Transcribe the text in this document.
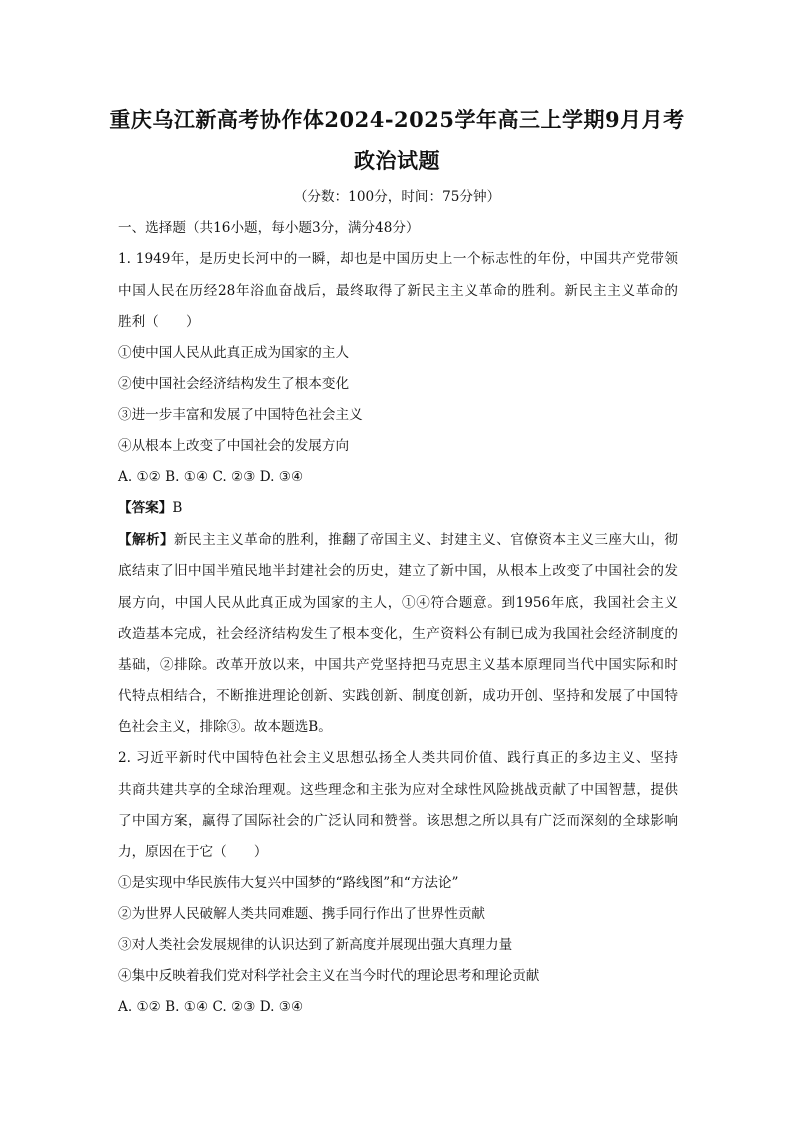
重庆乌江新高考协作体2024-2025学年高三上学期9月月考
政治试题
（分数：100分，时间：75分钟）
一、选择题（共16小题，每小题3分，满分48分）
1. 1949年，是历史长河中的一瞬，却也是中国历史上一个标志性的年份，中国共产党带领
中国人民在历经28年浴血奋战后，最终取得了新民主主义革命的胜利。新民主主义革命的
胜利（　　）
①使中国人民从此真正成为国家的主人
②使中国社会经济结构发生了根本变化
③进一步丰富和发展了中国特色社会主义
④从根本上改变了中国社会的发展方向
A. ①② B. ①④ C. ②③ D. ③④
【答案】B
【解析】新民主主义革命的胜利，推翻了帝国主义、封建主义、官僚资本主义三座大山，彻
底结束了旧中国半殖民地半封建社会的历史，建立了新中国，从根本上改变了中国社会的发
展方向，中国人民从此真正成为国家的主人，①④符合题意。到1956年底，我国社会主义
改造基本完成，社会经济结构发生了根本变化，生产资料公有制已成为我国社会经济制度的
基础，②排除。改革开放以来，中国共产党坚持把马克思主义基本原理同当代中国实际和时
代特点相结合，不断推进理论创新、实践创新、制度创新，成功开创、坚持和发展了中国特
色社会主义，排除③。故本题选B。
2. 习近平新时代中国特色社会主义思想弘扬全人类共同价值、践行真正的多边主义、坚持
共商共建共享的全球治理观。这些理念和主张为应对全球性风险挑战贡献了中国智慧，提供
了中国方案，赢得了国际社会的广泛认同和赞誉。该思想之所以具有广泛而深刻的全球影响
力，原因在于它（　　）
①是实现中华民族伟大复兴中国梦的“路线图”和“方法论”
②为世界人民破解人类共同难题、携手同行作出了世界性贡献
③对人类社会发展规律的认识达到了新高度并展现出强大真理力量
④集中反映着我们党对科学社会主义在当今时代的理论思考和理论贡献
A. ①② B. ①④ C. ②③ D. ③④
